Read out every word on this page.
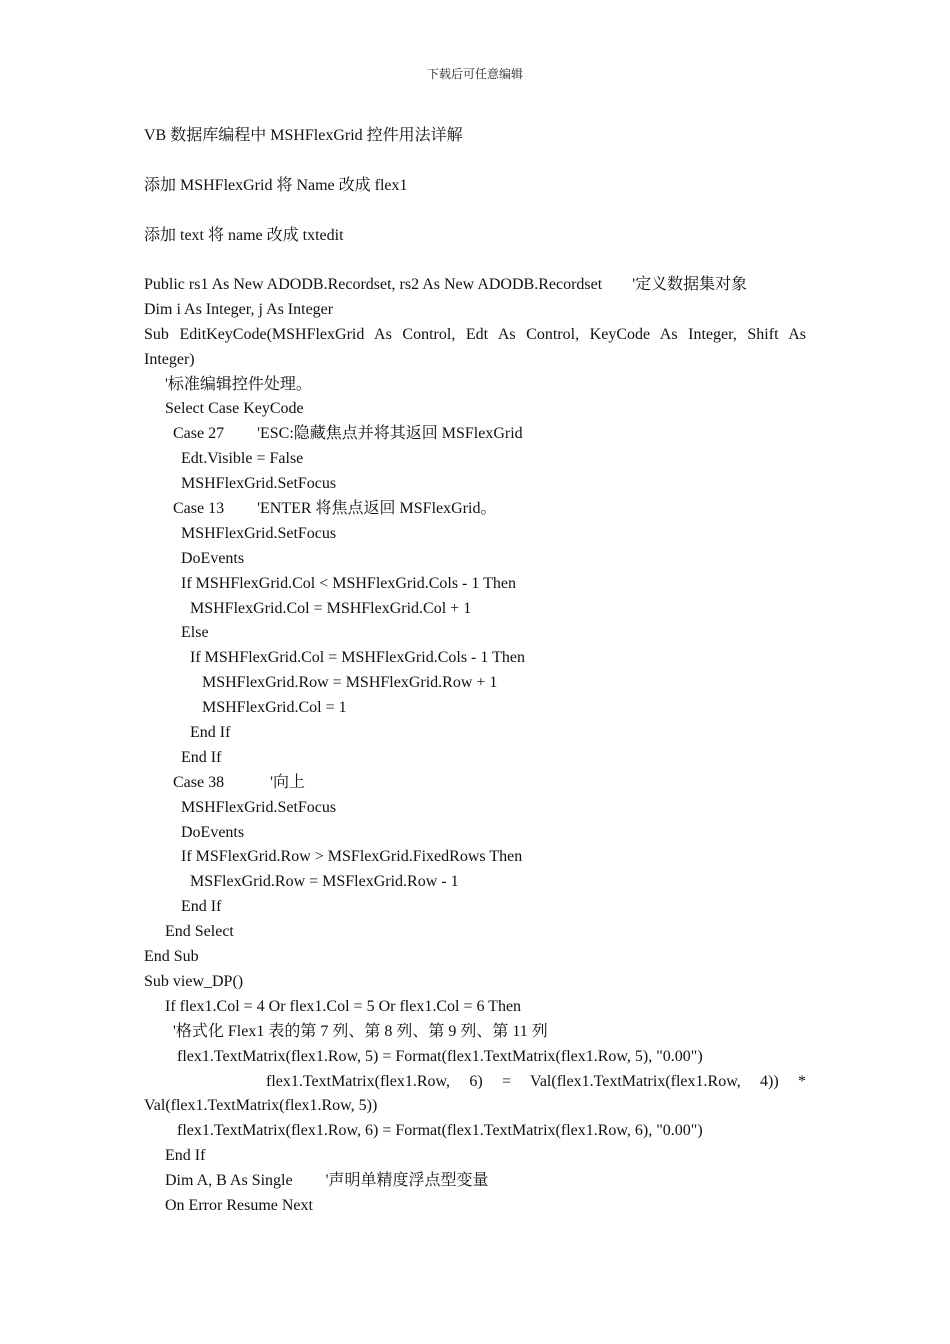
下载后可任意编辑
VB 数据库编程中 MSHFlexGrid 控件用法详解
添加 MSHFlexGrid 将 Name 改成 flex1
添加 text 将 name 改成 txtedit
Public rs1 As New ADODB.Recordset, rs2 As New ADODB.Recordset '定义数据集对象
Dim i As Integer, j As Integer
Sub EditKeyCode(MSHFlexGrid As Control, Edt As Control, KeyCode As Integer, Shift As
Integer)
'标准编辑控件处理。
Select Case KeyCode
Case 27 'ESC:隐藏焦点并将其返回 MSFlexGrid
Edt.Visible = False
MSHFlexGrid.SetFocus
Case 13 'ENTER 将焦点返回 MSFlexGrid。
MSHFlexGrid.SetFocus
DoEvents
If MSHFlexGrid.Col < MSHFlexGrid.Cols - 1 Then
MSHFlexGrid.Col = MSHFlexGrid.Col + 1
Else
If MSHFlexGrid.Col = MSHFlexGrid.Cols - 1 Then
MSHFlexGrid.Row = MSHFlexGrid.Row + 1
MSHFlexGrid.Col = 1
End If
End If
Case 38	'向上
MSHFlexGrid.SetFocus
DoEvents
If MSFlexGrid.Row > MSFlexGrid.FixedRows Then
MSFlexGrid.Row = MSFlexGrid.Row - 1
End If
End Select
End Sub
Sub view_DP()
If flex1.Col = 4 Or flex1.Col = 5 Or flex1.Col = 6 Then
'格式化 Flex1 表的第 7 列、第 8 列、第 9 列、第 11 列
flex1.TextMatrix(flex1.Row, 5) = Format(flex1.TextMatrix(flex1.Row, 5), "0.00")
flex1.TextMatrix(flex1.Row, 6) = Val(flex1.TextMatrix(flex1.Row, 4)) *
Val(flex1.TextMatrix(flex1.Row, 5))
flex1.TextMatrix(flex1.Row, 6) = Format(flex1.TextMatrix(flex1.Row, 6), "0.00")
End If
Dim A, B As Single '声明单精度浮点型变量
On Error Resume Next
